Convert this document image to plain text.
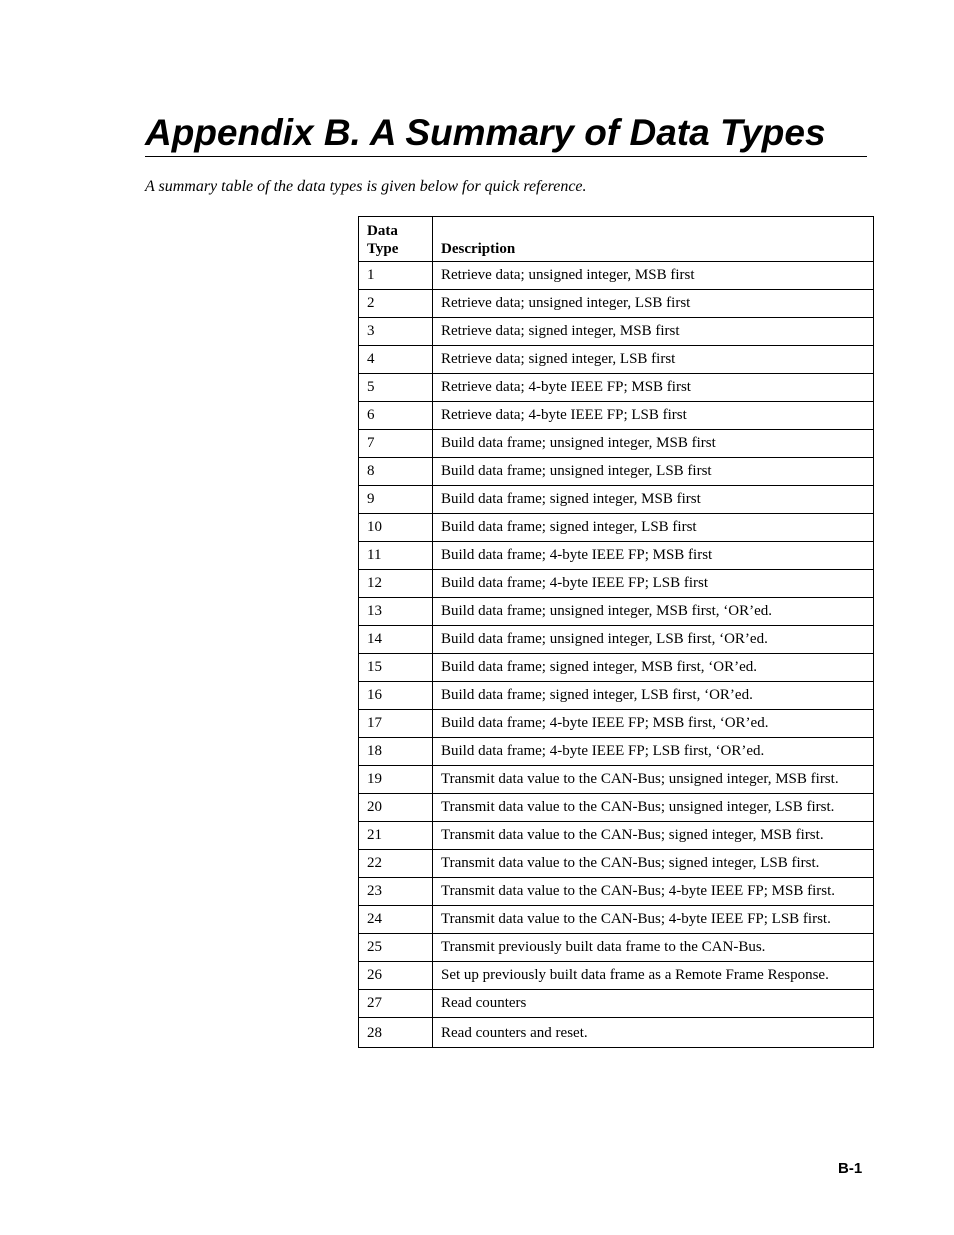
Appendix B. A Summary of Data Types
A summary table of the data types is given below for quick reference.
Data
Type	Description
1	Retrieve data; unsigned integer, MSB first
2	Retrieve data; unsigned integer, LSB first
3	Retrieve data; signed integer, MSB first
4	Retrieve data; signed integer, LSB first
5	Retrieve data; 4-byte IEEE FP; MSB first
6	Retrieve data; 4-byte IEEE FP; LSB first
7	Build data frame; unsigned integer, MSB first
8	Build data frame; unsigned integer, LSB first
9	Build data frame; signed integer, MSB first
10	Build data frame; signed integer, LSB first
11	Build data frame; 4-byte IEEE FP; MSB first
12	Build data frame; 4-byte IEEE FP; LSB first
13	Build data frame; unsigned integer, MSB first, ‘OR’ed.
14	Build data frame; unsigned integer, LSB first, ‘OR’ed.
15	Build data frame; signed integer, MSB first, ‘OR’ed.
16	Build data frame; signed integer, LSB first, ‘OR’ed.
17	Build data frame; 4-byte IEEE FP; MSB first, ‘OR’ed.
18	Build data frame; 4-byte IEEE FP; LSB first, ‘OR’ed.
19	Transmit data value to the CAN-Bus; unsigned integer, MSB first.
20	Transmit data value to the CAN-Bus; unsigned integer, LSB first.
21	Transmit data value to the CAN-Bus; signed integer, MSB first.
22	Transmit data value to the CAN-Bus; signed integer, LSB first.
23	Transmit data value to the CAN-Bus; 4-byte IEEE FP; MSB first.
24	Transmit data value to the CAN-Bus; 4-byte IEEE FP; LSB first.
25	Transmit previously built data frame to the CAN-Bus.
26	Set up previously built data frame as a Remote Frame Response.
27	Read counters
28	Read counters and reset.
B-1
